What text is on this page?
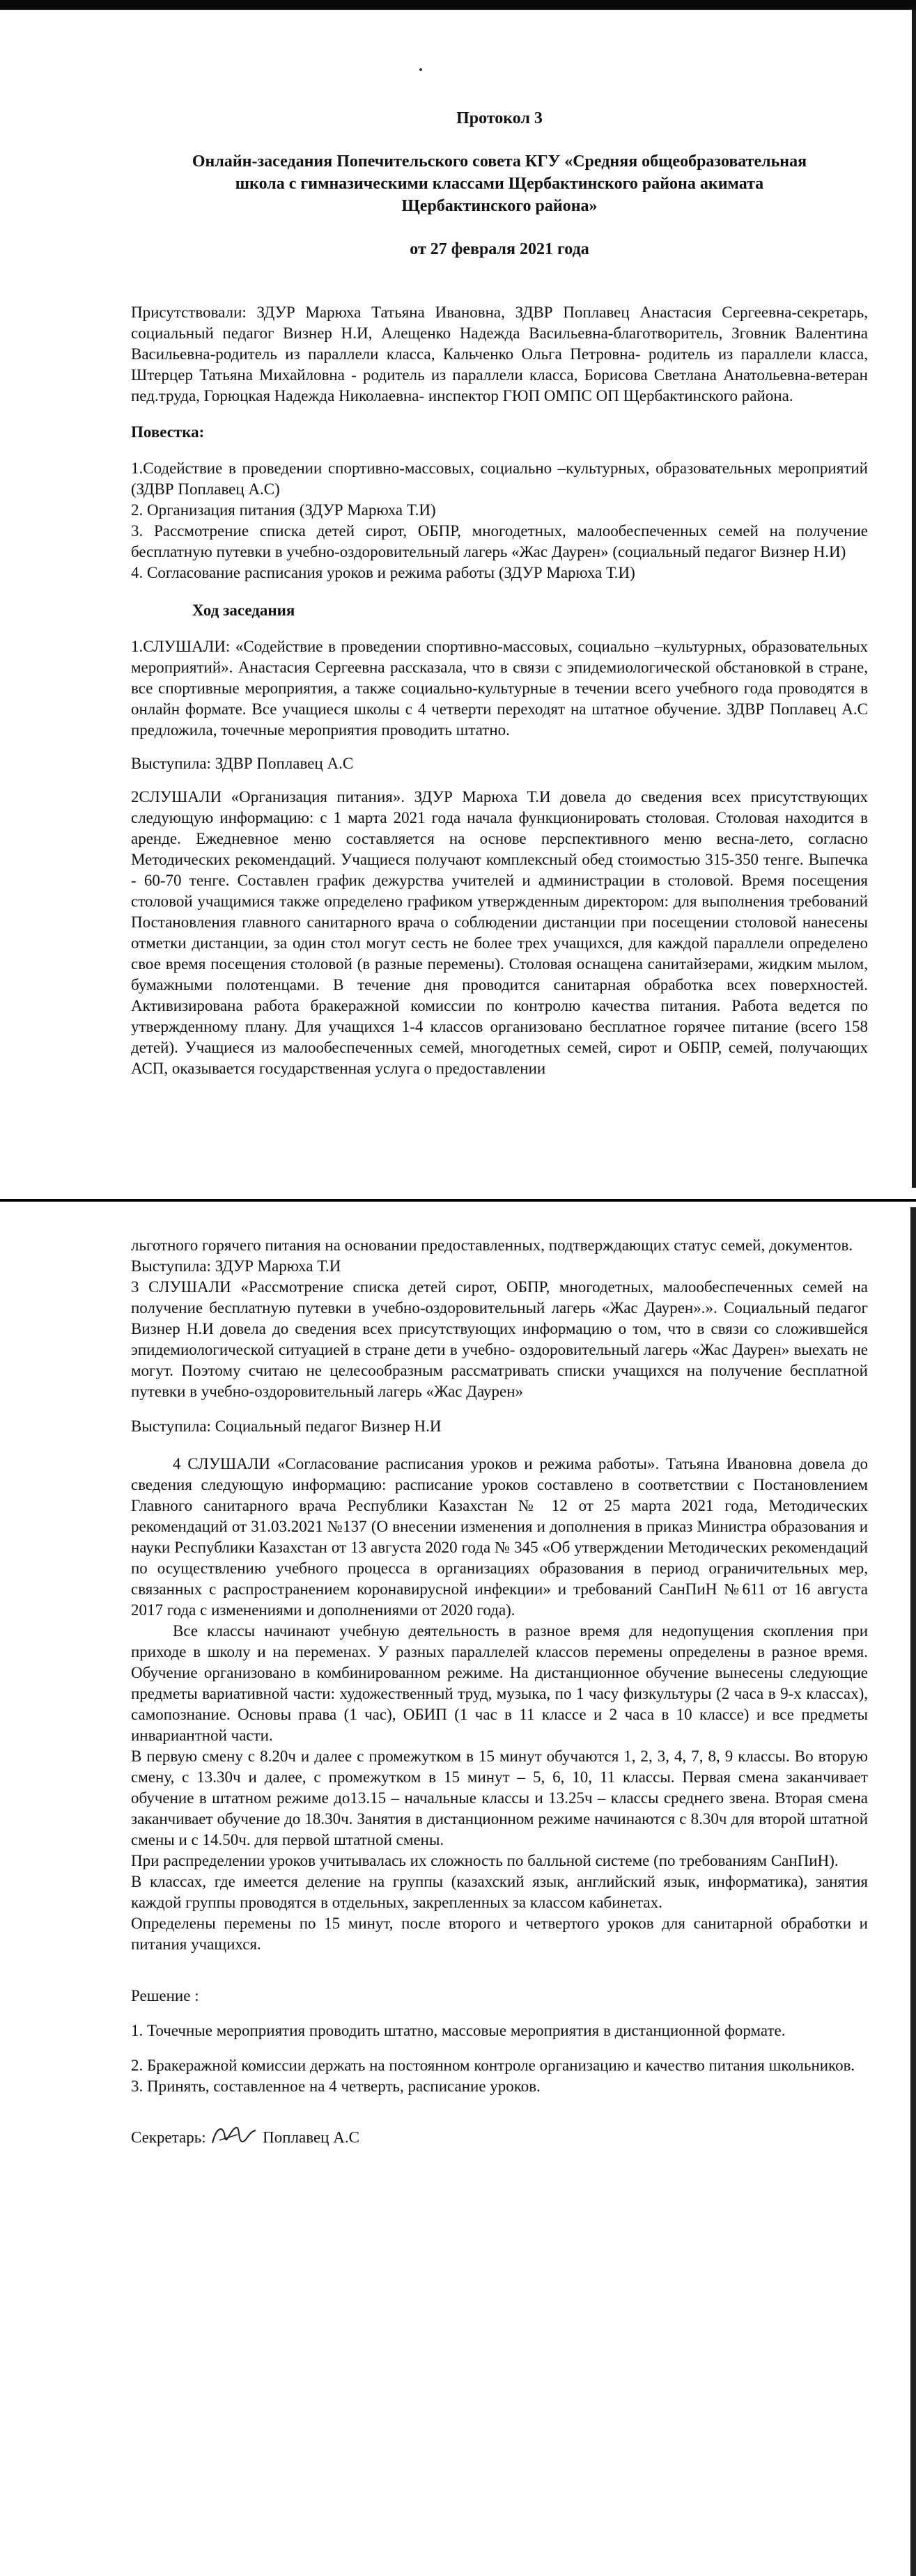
Протокол 3

Онлайн-заседания Попечительского совета КГУ «Средняя общеобразовательная

школа с гимназическими классами Щербактинского района акимата

Щербактинского района»

от 27 февраля 2021 года

Присутствовали: ЗДУР Марюха Татьяна Ивановна, ЗДВР Поплавец Анастасия Сергеевна-секретарь, социальный педагог Визнер Н.И, Алещенко Надежда Васильевна-благотворитель, Зговник Валентина Васильевна-родитель из параллели класса, Кальченко Ольга Петровна- родитель из параллели класса, Штерцер Татьяна Михайловна - родитель из параллели класса, Борисова Светлана Анатольевна-ветеран пед.труда, Горюцкая Надежда Николаевна- инспектор ГЮП ОМПС ОП Щербактинского района.

Повестка:

1.Содействие в проведении спортивно-массовых, социально –культурных, образовательных мероприятий (ЗДВР Поплавец А.С)

2. Организация питания (ЗДУР Марюха Т.И)

3. Рассмотрение списка детей сирот, ОБПР, многодетных, малообеспеченных семей на получение бесплатную путевки в учебно-оздоровительный лагерь «Жас Даурен» (социальный педагог Визнер Н.И)

4. Согласование расписания уроков и режима работы (ЗДУР Марюха Т.И)

Ход заседания

1.СЛУШАЛИ: «Содействие в проведении спортивно-массовых, социально –культурных, образовательных мероприятий». Анастасия Сергеевна рассказала, что в связи с эпидемиологической обстановкой в стране, все спортивные мероприятия, а также социально-культурные в течении всего учебного года проводятся в онлайн формате. Все учащиеся школы с 4 четверти переходят на штатное обучение. ЗДВР Поплавец А.С предложила, точечные мероприятия проводить штатно.

Выступила: ЗДВР Поплавец А.С

2СЛУШАЛИ «Организация питания». ЗДУР Марюха Т.И довела до сведения всех присутствующих следующую информацию: с 1 марта 2021 года начала функционировать столовая. Столовая находится в аренде. Ежедневное меню составляется на основе перспективного меню весна-лето, согласно Методических рекомендаций. Учащиеся получают комплексный обед стоимостью 315-350 тенге. Выпечка - 60-70 тенге. Составлен график дежурства учителей и администрации в столовой. Время посещения столовой учащимися также определено графиком утвержденным директором: для выполнения требований Постановления главного санитарного врача о соблюдении дистанции при посещении столовой нанесены отметки дистанции, за один стол могут сесть не более трех учащихся, для каждой параллели определено свое время посещения столовой (в разные перемены). Столовая оснащена санитайзерами, жидким мылом, бумажными полотенцами. В течение дня проводится санитарная обработка всех поверхностей. Активизирована работа бракеражной комиссии по контролю качества питания. Работа ведется по утвержденному плану. Для учащихся 1-4 классов организовано бесплатное горячее питание (всего 158 детей). Учащиеся из малообеспеченных семей, многодетных семей, сирот и ОБПР, семей, получающих АСП, оказывается государственная услуга о предоставлении

льготного горячего питания на основании предоставленных, подтверждающих статус семей, документов.

Выступила: ЗДУР Марюха Т.И

3 СЛУШАЛИ «Рассмотрение списка детей сирот, ОБПР, многодетных, малообеспеченных семей на получение бесплатную путевки в учебно-оздоровительный лагерь «Жас Даурен».». Социальный педагог Визнер Н.И довела до сведения всех присутствующих информацию о том, что в связи со сложившейся эпидемиологической ситуацией в стране дети в учебно- оздоровительный лагерь «Жас Даурен» выехать не могут. Поэтому считаю не целесообразным рассматривать списки учащихся на получение бесплатной путевки в учебно-оздоровительный лагерь «Жас Даурен»

Выступила: Социальный педагог Визнер Н.И

4 СЛУШАЛИ «Согласование расписания уроков и режима работы». Татьяна Ивановна довела до сведения следующую информацию: расписание уроков составлено в соответствии с Постановлением Главного санитарного врача Республики Казахстан № 12 от 25 марта 2021 года, Методических рекомендаций от 31.03.2021 №137 (О внесении изменения и дополнения в приказ Министра образования и науки Республики Казахстан от 13 августа 2020 года № 345 «Об утверждении Методических рекомендаций по осуществлению учебного процесса в организациях образования в период ограничительных мер, связанных с распространением коронавирусной инфекции» и требований СанПиН №611 от 16 августа 2017 года с изменениями и дополнениями от 2020 года).

Все классы начинают учебную деятельность в разное время для недопущения скопления при приходе в школу и на переменах. У разных параллелей классов перемены определены в разное время. Обучение организовано в комбинированном режиме. На дистанционное обучение вынесены следующие предметы вариативной части: художественный труд, музыка, по 1 часу физкультуры (2 часа в 9-х классах), самопознание. Основы права (1 час), ОБИП (1 час в 11 классе и 2 часа в 10 классе) и все предметы инвариантной части.

В первую смену с 8.20ч и далее с промежутком в 15 минут обучаются 1, 2, 3, 4, 7, 8, 9 классы. Во вторую смену, с 13.30ч и далее, с промежутком в 15 минут – 5, 6, 10, 11 классы. Первая смена заканчивает обучение в штатном режиме до13.15 – начальные классы и 13.25ч – классы среднего звена. Вторая смена заканчивает обучение до 18.30ч. Занятия в дистанционном режиме начинаются с 8.30ч для второй штатной смены и с 14.50ч. для первой штатной смены.

При распределении уроков учитывалась их сложность по балльной системе (по требованиям СанПиН).

В классах, где имеется деление на группы (казахский язык, английский язык, информатика), занятия каждой группы проводятся в отдельных, закрепленных за классом кабинетах.

Определены перемены по 15 минут, после второго и четвертого уроков для санитарной обработки и питания учащихся.

Решение :

1. Точечные мероприятия проводить штатно, массовые мероприятия в дистанционной формате.

2. Бракеражной комиссии держать на постоянном контроле организацию и качество питания школьников.

3. Принять, составленное на 4 четверть, расписание уроков.

Секретарь:	Поплавец А.С
